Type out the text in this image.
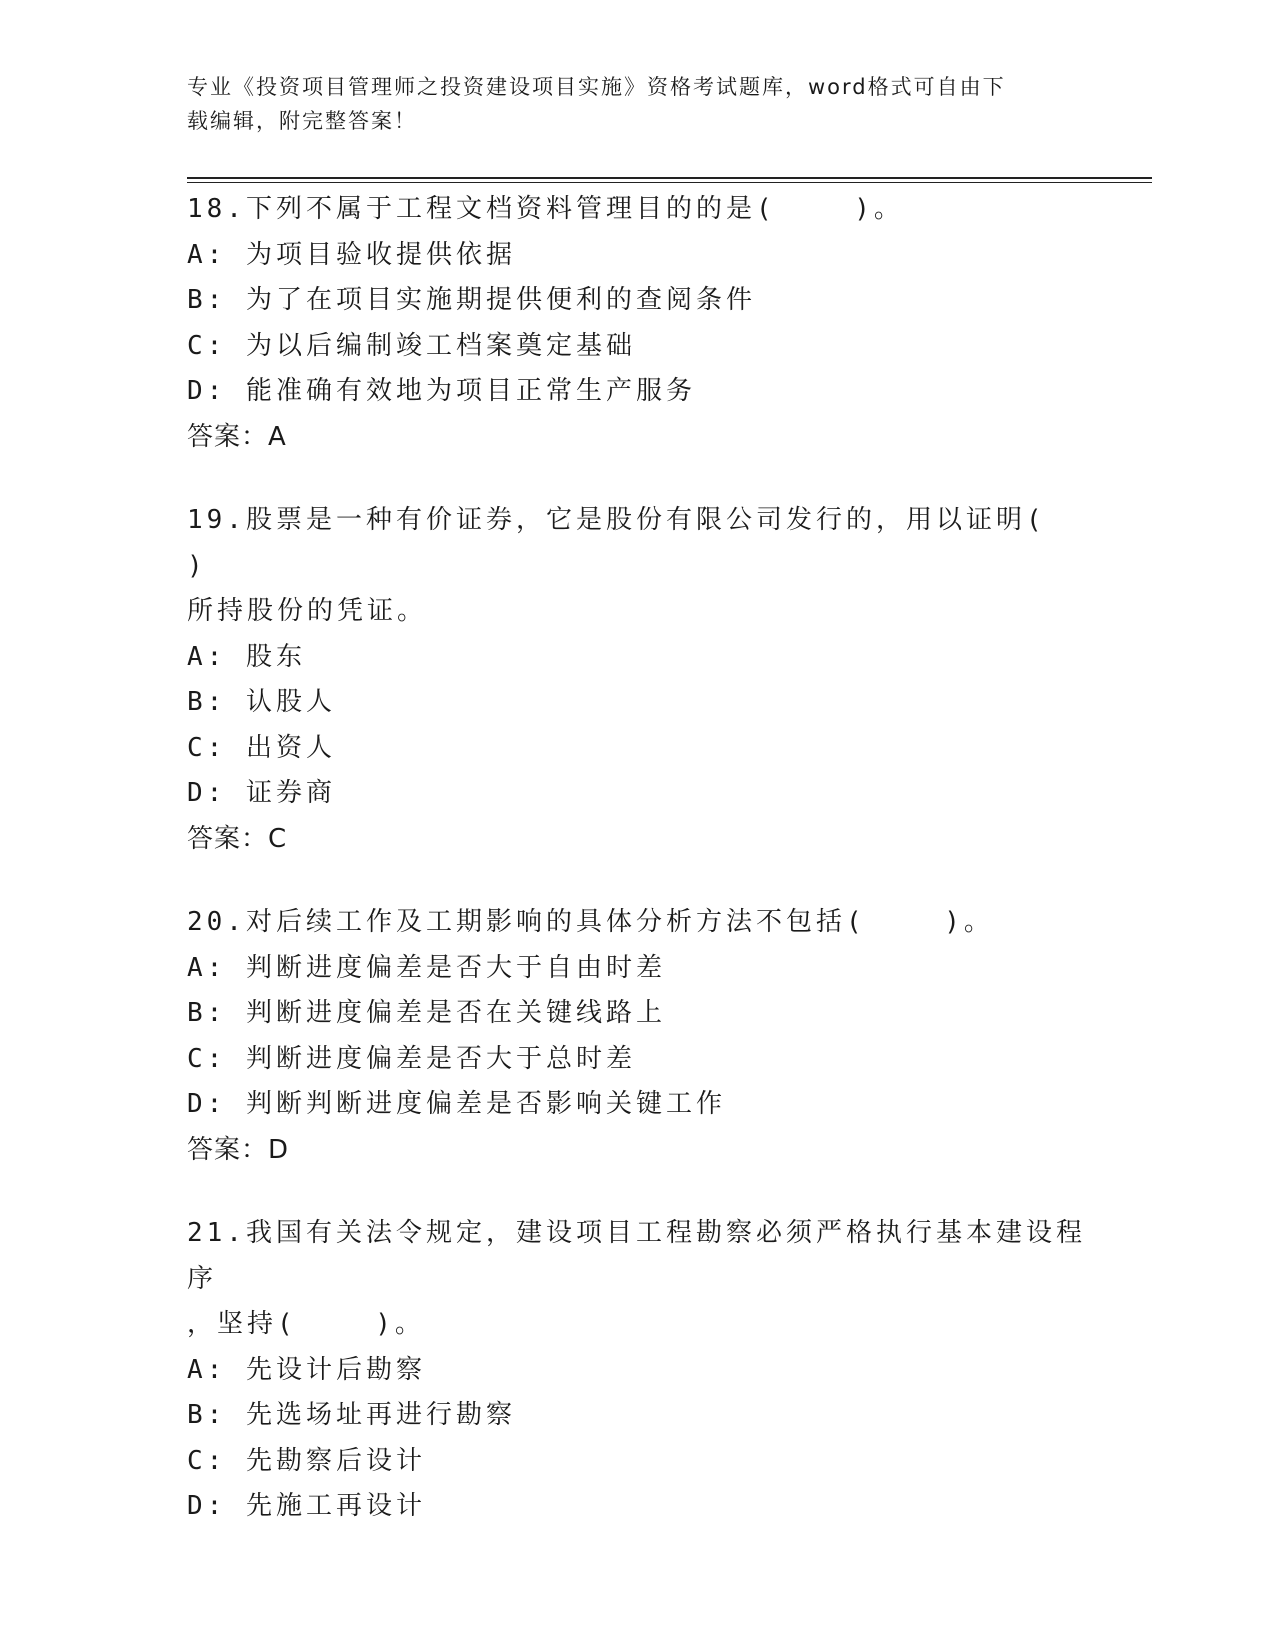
专业《投资项目管理师之投资建设项目实施》资格考试题库，word格式可自由下
载编辑，附完整答案！
18.下列不属于工程文档资料管理目的的是(    )。
A: 为项目验收提供依据
B: 为了在项目实施期提供便利的查阅条件
C: 为以后编制竣工档案奠定基础
D: 能准确有效地为项目正常生产服务
答案：A
19.股票是一种有价证券，它是股份有限公司发行的，用以证明(    )
所持股份的凭证。
A: 股东
B: 认股人
C: 出资人
D: 证券商
答案：C
20.对后续工作及工期影响的具体分析方法不包括(    )。
A: 判断进度偏差是否大于自由时差
B: 判断进度偏差是否在关键线路上
C: 判断进度偏差是否大于总时差
D: 判断判断进度偏差是否影响关键工作
答案：D
21.我国有关法令规定，建设项目工程勘察必须严格执行基本建设程序
，坚持(    )。
A: 先设计后勘察
B: 先选场址再进行勘察
C: 先勘察后设计
D: 先施工再设计
